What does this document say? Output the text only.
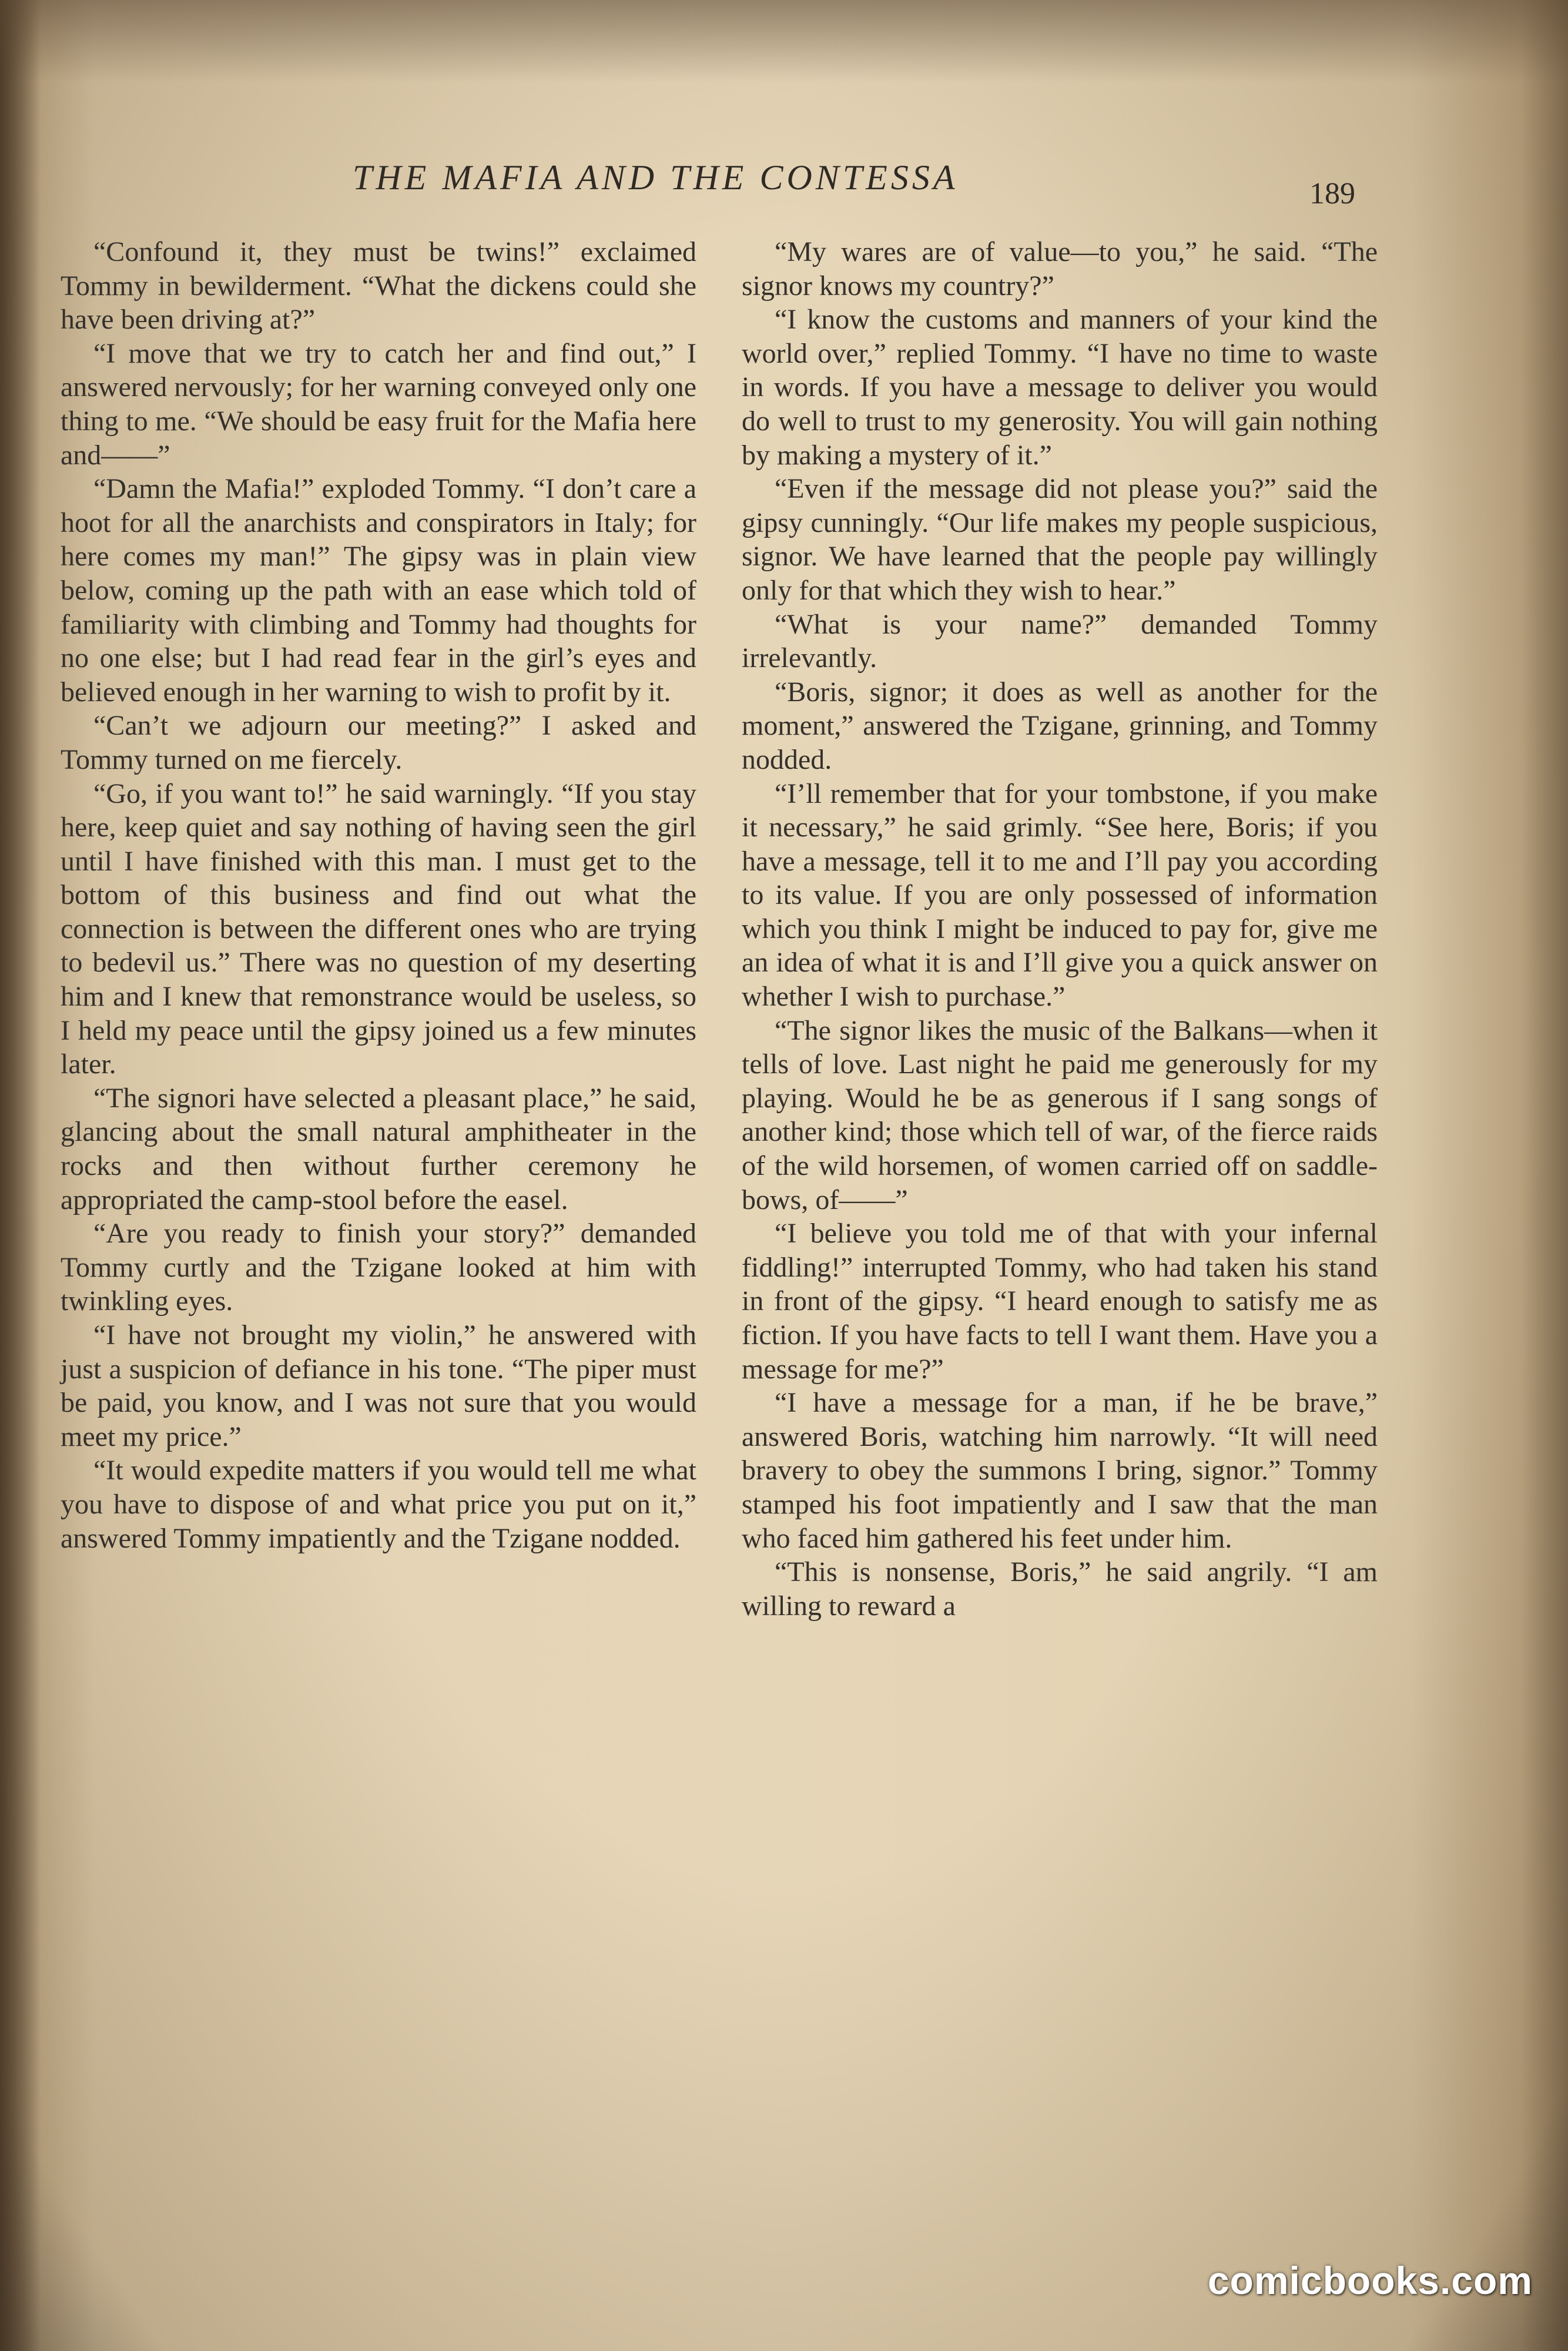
THE MAFIA AND THE CONTESSA	189

“Confound it, they must be twins!” exclaimed Tommy in bewilderment. “What the dickens could she have been driving at?”

“I move that we try to catch her and find out,” I answered nervously; for her warning conveyed only one thing to me. “We should be easy fruit for the Mafia here and——”

“Damn the Mafia!” exploded Tommy. “I don’t care a hoot for all the anarchists and conspirators in Italy; for here comes my man!” The gipsy was in plain view below, coming up the path with an ease which told of familiarity with climbing and Tommy had thoughts for no one else; but I had read fear in the girl’s eyes and believed enough in her warning to wish to profit by it.

“Can’t we adjourn our meeting?” I asked and Tommy turned on me fiercely.

“Go, if you want to!” he said warningly. “If you stay here, keep quiet and say nothing of having seen the girl until I have finished with this man. I must get to the bottom of this business and find out what the connection is between the different ones who are trying to bedevil us.” There was no question of my deserting him and I knew that remonstrance would be useless, so I held my peace until the gipsy joined us a few minutes later.

“The signori have selected a pleasant place,” he said, glancing about the small natural amphitheater in the rocks and then without further ceremony he appropriated the camp-stool before the easel.

“Are you ready to finish your story?” demanded Tommy curtly and the Tzigane looked at him with twinkling eyes.

“I have not brought my violin,” he answered with just a suspicion of defiance in his tone. “The piper must be paid, you know, and I was not sure that you would meet my price.”

“It would expedite matters if you would tell me what you have to dispose of and what price you put on it,” answered Tommy impatiently and the Tzigane nodded.

“My wares are of value—to you,” he said. “The signor knows my country?”

“I know the customs and manners of your kind the world over,” replied Tommy. “I have no time to waste in words. If you have a message to deliver you would do well to trust to my generosity. You will gain nothing by making a mystery of it.”

“Even if the message did not please you?” said the gipsy cunningly. “Our life makes my people suspicious, signor. We have learned that the people pay willingly only for that which they wish to hear.”

“What is your name?” demanded Tommy irrelevantly.

“Boris, signor; it does as well as another for the moment,” answered the Tzigane, grinning, and Tommy nodded.

“I’ll remember that for your tombstone, if you make it necessary,” he said grimly. “See here, Boris; if you have a message, tell it to me and I’ll pay you according to its value. If you are only possessed of information which you think I might be induced to pay for, give me an idea of what it is and I’ll give you a quick answer on whether I wish to purchase.”

“The signor likes the music of the Balkans—when it tells of love. Last night he paid me generously for my playing. Would he be as generous if I sang songs of another kind; those which tell of war, of the fierce raids of the wild horsemen, of women carried off on saddle-bows, of——”

“I believe you told me of that with your infernal fiddling!” interrupted Tommy, who had taken his stand in front of the gipsy. “I heard enough to satisfy me as fiction. If you have facts to tell I want them. Have you a message for me?”

“I have a message for a man, if he be brave,” answered Boris, watching him narrowly. “It will need bravery to obey the summons I bring, signor.” Tommy stamped his foot impatiently and I saw that the man who faced him gathered his feet under him.

“This is nonsense, Boris,” he said angrily. “I am willing to reward a

comicbooks.com
